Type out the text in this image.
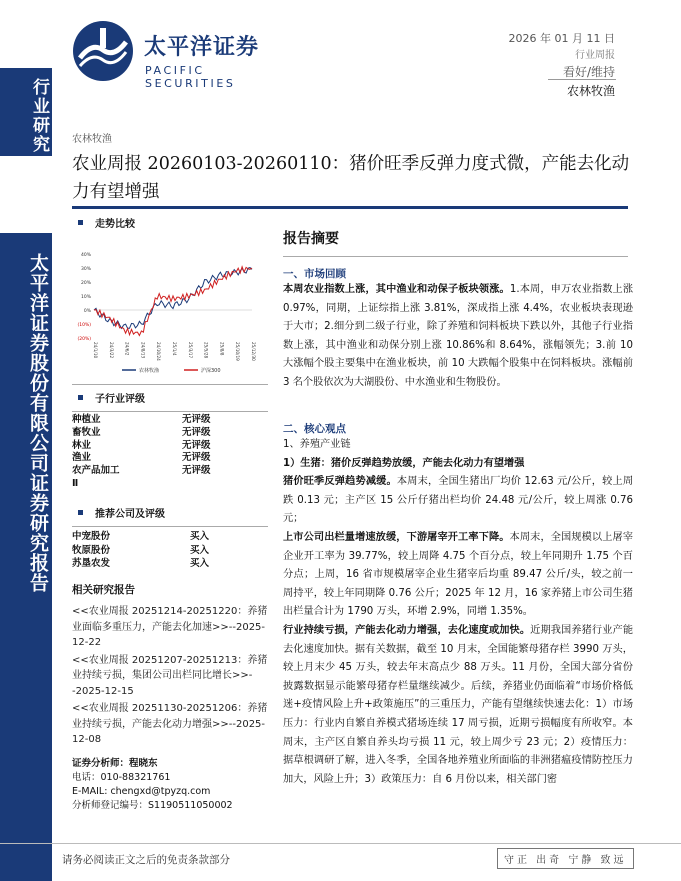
行业研究
太平洋证券股份有限公司证券研究报告
太平洋证券
PACIFIC SECURITIES
2026 年 01 月 11 日
行业周报
看好/维持
农林牧渔
农林牧渔
农业周报 20260103-20260110：猪价旺季反弹力度式微，产能去化动力有望增强
走势比较
40%
30%
20%
10%
0%
(10%)
(20%)
24/1/10	24/3/22	24/6/2	24/8/13	24/10/24	25/1/4	25/3/17	25/5/28	25/8/8	25/10/19	25/12/30
农林牧渔	沪深300
子行业评级
种植业	无评级
畜牧业	无评级
林业	无评级
渔业	无评级
农产品加工	无评级
Ⅱ
推荐公司及评级
中宠股份	买入
牧原股份	买入
苏垦农发	买入
相关研究报告
<<农业周报 20251214-20251220：养猪业面临多重压力，产能去化加速>>--2025-12-22
<<农业周报 20251207-20251213：养猪业持续亏损，集团公司出栏同比增长>>--2025-12-15
<<农业周报 20251130-20251206：养猪业持续亏损，产能去化动力增强>>--2025-12-08
证券分析师：程晓东
电话：010-88321761
E-MAIL: chengxd@tpyzq.com
分析师登记编号：S1190511050002
报告摘要
一、市场回顾
本周农业指数上涨，其中渔业和动保子板块领涨。1.本周，申万农业指数上涨 0.97%，同期，上证综指上涨 3.81%，深成指上涨 4.4%，农业板块表现逊于大市；2.细分到二级子行业，除了养殖和饲料板块下跌以外，其他子行业指数上涨，其中渔业和动保分别上涨 10.86%和 8.64%，涨幅领先；3.前 10 大涨幅个股主要集中在渔业板块，前 10 大跌幅个股集中在饲料板块。涨幅前 3 名个股依次为大湖股份、中水渔业和生物股份。
二、核心观点
1、养殖产业链
1）生猪：猪价反弹趋势放缓，产能去化动力有望增强
猪价旺季反弹趋势减缓。本周末，全国生猪出厂均价 12.63 元/公斤，较上周跌 0.13 元；主产区 15 公斤仔猪出栏均价 24.48 元/公斤，较上周涨 0.76 元；
上市公司出栏量增速放缓，下游屠宰开工率下降。本周末，全国规模以上屠宰企业开工率为 39.77%，较上周降 4.75 个百分点，较上年同期升 1.75 个百分点；上周，16 省市规模屠宰企业生猪宰后均重 89.47 公斤/头，较之前一周持平，较上年同期降 0.76 公斤；2025 年 12 月，16 家养猪上市公司生猪出栏量合计为 1790 万头，环增 2.9%，同增 1.35%。
行业持续亏损，产能去化动力增强，去化速度或加快。近期我国养猪行业产能去化速度加快。据有关数据，截至 10 月末，全国能繁母猪存栏 3990 万头，较上月末少 45 万头，较去年末高点少 88 万头。11 月份，全国大部分省份披露数据显示能繁母猪存栏量继续减少。后续，养猪业仍面临着“市场价格低迷+疫情风险上升+政策施压”的三重压力，产能有望继续快速去化：1）市场压力：行业内自繁自养模式猪场连续 17 周亏损，近期亏损幅度有所收窄。本周末，主产区自繁自养头均亏损 11 元，较上周少亏 23 元；2）疫情压力：据草根调研了解，进入冬季，全国各地养殖业所面临的非洲猪瘟疫情防控压力加大，风险上升；3）政策压力：自 6 月份以来，相关部门密
请务必阅读正文之后的免责条款部分	守正 出奇 宁静 致远
